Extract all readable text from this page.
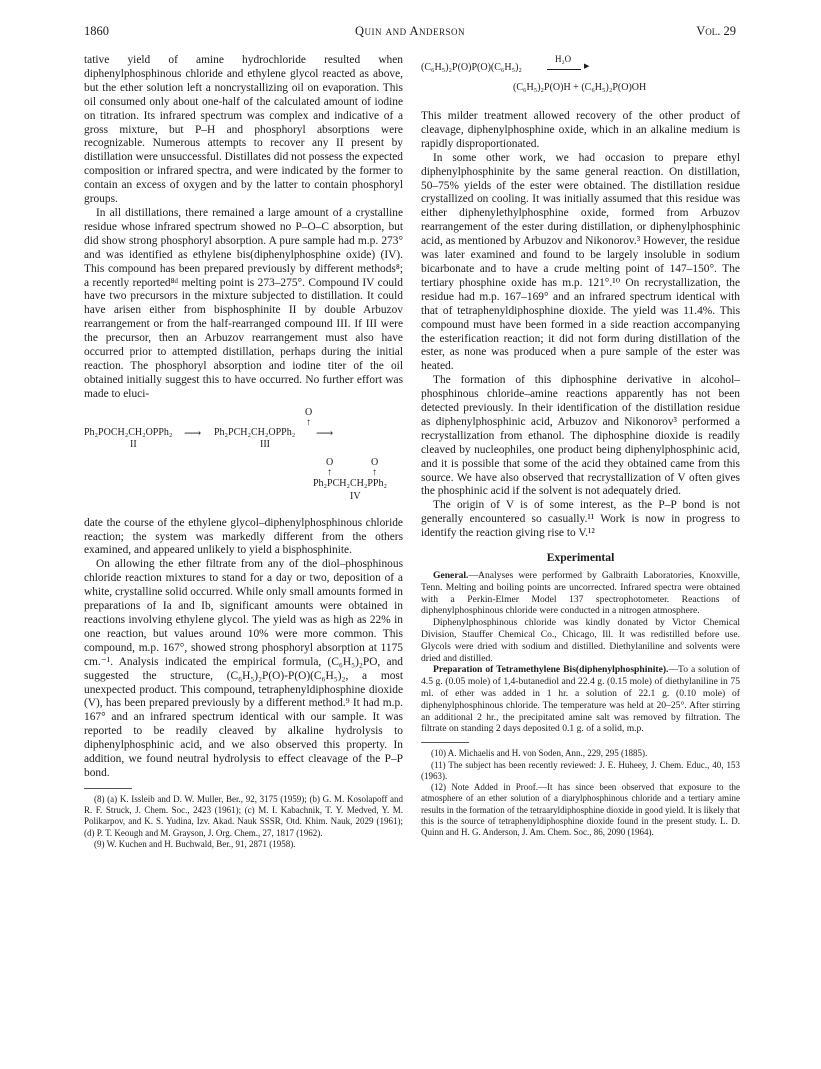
1860	Quin and Anderson	Vol. 29

tative yield of amine hydrochloride resulted when diphenylphosphinous chloride and ethylene glycol reacted as above, but the ether solution left a noncrystallizing oil on evaporation. This oil consumed only about one-half of the calculated amount of iodine on titration. Its infrared spectrum was complex and indicative of a gross mixture, but P–H and phosphoryl absorptions were recognizable. Numerous attempts to recover any II present by distillation were unsuccessful. Distillates did not possess the expected composition or infrared spectra, and were indicated by the former to contain an excess of oxygen and by the latter to contain phosphoryl groups.

In all distillations, there remained a large amount of a crystalline residue whose infrared spectrum showed no P–O–C absorption, but did show strong phosphoryl absorption. A pure sample had m.p. 273° and was identified as ethylene bis(diphenylphosphine oxide) (IV). This compound has been prepared previously by different methods⁸; a recently reported⁸ᵈ melting point is 273–275°. Compound IV could have two precursors in the mixture subjected to distillation. It could have arisen either from bisphosphinite II by double Arbuzov rearrangement or from the half-rearranged compound III. If III were the precursor, then an Arbuzov rearrangement must also have occurred prior to attempted distillation, perhaps during the initial reaction. The phosphoryl absorption and iodine titer of the oil obtained initially suggest this to have occurred. No further effort was made to eluci-

O
↑
Ph₂POCH₂CH₂OPPh₂ ⟶ Ph₂PCH₂CH₂OPPh₂ ⟶
II	III
O	O
↑	↑
Ph₂PCH₂CH₂PPh₂
IV

date the course of the ethylene glycol–diphenylphosphinous chloride reaction; the system was markedly different from the others examined, and appeared unlikely to yield a bisphosphinite.

On allowing the ether filtrate from any of the diol–phosphinous chloride reaction mixtures to stand for a day or two, deposition of a white, crystalline solid occurred. While only small amounts formed in preparations of Ia and Ib, significant amounts were obtained in reactions involving ethylene glycol. The yield was as high as 22% in one reaction, but values around 10% were more common. This compound, m.p. 167°, showed strong phosphoryl absorption at 1175 cm.⁻¹. Analysis indicated the empirical formula, (C₆H₅)₂PO, and suggested the structure, (C₆H₅)₂P(O)-P(O)(C₆H₅)₂, a most unexpected product. This compound, tetraphenyldiphosphine dioxide (V), has been prepared previously by a different method.⁹ It had m.p. 167° and an infrared spectrum identical with our sample. It was reported to be readily cleaved by alkaline hydrolysis to diphenylphosphinic acid, and we also observed this property. In addition, we found neutral hydrolysis to effect cleavage of the P–P bond.

(8) (a) K. Issleib and D. W. Muller, Ber., 92, 3175 (1959); (b) G. M. Kosolapoff and R. F. Struck, J. Chem. Soc., 2423 (1961); (c) M. I. Kabachnik, T. Y. Medved, Y. M. Polikarpov, and K. S. Yudina, Izv. Akad. Nauk SSSR, Otd. Khim. Nauk, 2029 (1961); (d) P. T. Keough and M. Grayson, J. Org. Chem., 27, 1817 (1962).

(9) W. Kuchen and H. Buchwald, Ber., 91, 2871 (1958).

(C₆H₅)₂P(O)P(O)(C₆H₅)₂
H₂O
▶
(C₆H₅)₂P(O)H + (C₆H₅)₂P(O)OH

This milder treatment allowed recovery of the other product of cleavage, diphenylphosphine oxide, which in an alkaline medium is rapidly disproportionated.

In some other work, we had occasion to prepare ethyl diphenylphosphinite by the same general reaction. On distillation, 50–75% yields of the ester were obtained. The distillation residue crystallized on cooling. It was initially assumed that this residue was either diphenylethylphosphine oxide, formed from Arbuzov rearrangement of the ester during distillation, or diphenylphosphinic acid, as mentioned by Arbuzov and Nikonorov.³ However, the residue was later examined and found to be largely insoluble in sodium bicarbonate and to have a crude melting point of 147–150°. The tertiary phosphine oxide has m.p. 121°.¹⁰ On recrystallization, the residue had m.p. 167–169° and an infrared spectrum identical with that of tetraphenyldiphosphine dioxide. The yield was 11.4%. This compound must have been formed in a side reaction accompanying the esterification reaction; it did not form during distillation of the ester, as none was produced when a pure sample of the ester was heated.

The formation of this diphosphine derivative in alcohol–phosphinous chloride–amine reactions apparently has not been detected previously. In their identification of the distillation residue as diphenylphosphinic acid, Arbuzov and Nikonorov³ performed a recrystallization from ethanol. The diphosphine dioxide is readily cleaved by nucleophiles, one product being diphenylphosphinic acid, and it is possible that some of the acid they obtained came from this source. We have also observed that recrystallization of V often gives the phosphinic acid if the solvent is not adequately dried.

The origin of V is of some interest, as the P–P bond is not generally encountered so casually.¹¹ Work is now in progress to identify the reaction giving rise to V.¹²

Experimental

General.—Analyses were performed by Galbraith Laboratories, Knoxville, Tenn. Melting and boiling points are uncorrected. Infrared spectra were obtained with a Perkin-Elmer Model 137 spectrophotometer. Reactions of diphenylphosphinous chloride were conducted in a nitrogen atmosphere.

Diphenylphosphinous chloride was kindly donated by Victor Chemical Division, Stauffer Chemical Co., Chicago, Ill. It was redistilled before use. Glycols were dried with sodium and distilled. Diethylaniline and solvents were dried and distilled.

Preparation of Tetramethylene Bis(diphenylphosphinite).—To a solution of 4.5 g. (0.05 mole) of 1,4-butanediol and 22.4 g. (0.15 mole) of diethylaniline in 75 ml. of ether was added in 1 hr. a solution of 22.1 g. (0.10 mole) of diphenylphosphinous chloride. The temperature was held at 20–25°. After stirring an additional 2 hr., the precipitated amine salt was removed by filtration. The filtrate on standing 2 days deposited 0.1 g. of a solid, m.p.

(10) A. Michaelis and H. von Soden, Ann., 229, 295 (1885).

(11) The subject has been recently reviewed: J. E. Huheey, J. Chem. Educ., 40, 153 (1963).

(12) Note Added in Proof.—It has since been observed that exposure to the atmosphere of an ether solution of a diarylphosphinous chloride and a tertiary amine results in the formation of the tetraaryldiphosphine dioxide in good yield. It is likely that this is the source of tetraphenyldiphosphine dioxide found in the present study. L. D. Quinn and H. G. Anderson, J. Am. Chem. Soc., 86, 2090 (1964).
